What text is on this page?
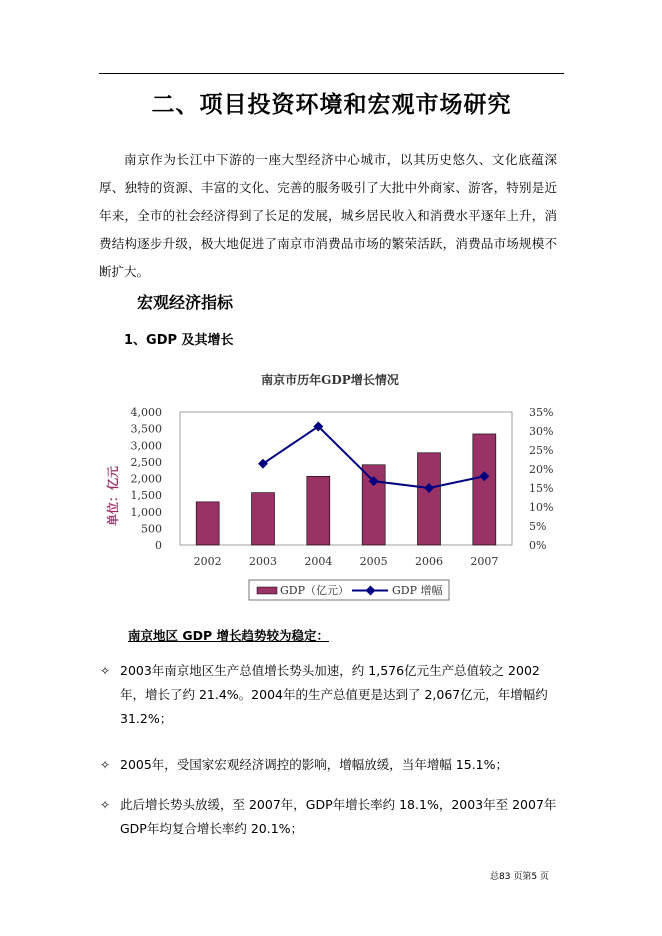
二、项目投资环境和宏观市场研究

南京作为长江中下游的一座大型经济中心城市，以其历史悠久、文化底蕴深厚、独特的资源、丰富的文化、完善的服务吸引了大批中外商家、游客，特别是近年来，全市的社会经济得到了长足的发展，城乡居民收入和消费水平逐年上升，消费结构逐步升级，极大地促进了南京市消费品市场的繁荣活跃，消费品市场规模不断扩大。

宏观经济指标
1、GDP 及其增长
南京市历年GDP增长情况
0
500
1,000
1,500
2,000
2,500
3,000
3,500
4,000
0%
5%
10%
15%
20%
25%
30%
35%
2002 2003 2004 2005 2006 2007
单位：亿元
GDP（亿元）	GDP 增幅

南京地区 GDP 增长趋势较为稳定：

✧ 2003年南京地区生产总值增长势头加速，约 1,576亿元生产总值较之 2002年，增长了约 21.4%。2004年的生产总值更是达到了 2,067亿元，年增幅约31.2%；
✧ 2005年，受国家宏观经济调控的影响，增幅放缓，当年增幅 15.1%；
✧ 此后增长势头放缓，至 2007年，GDP年增长率约 18.1%，2003年至 2007年GDP年均复合增长率约 20.1%；
总83 页第5 页
